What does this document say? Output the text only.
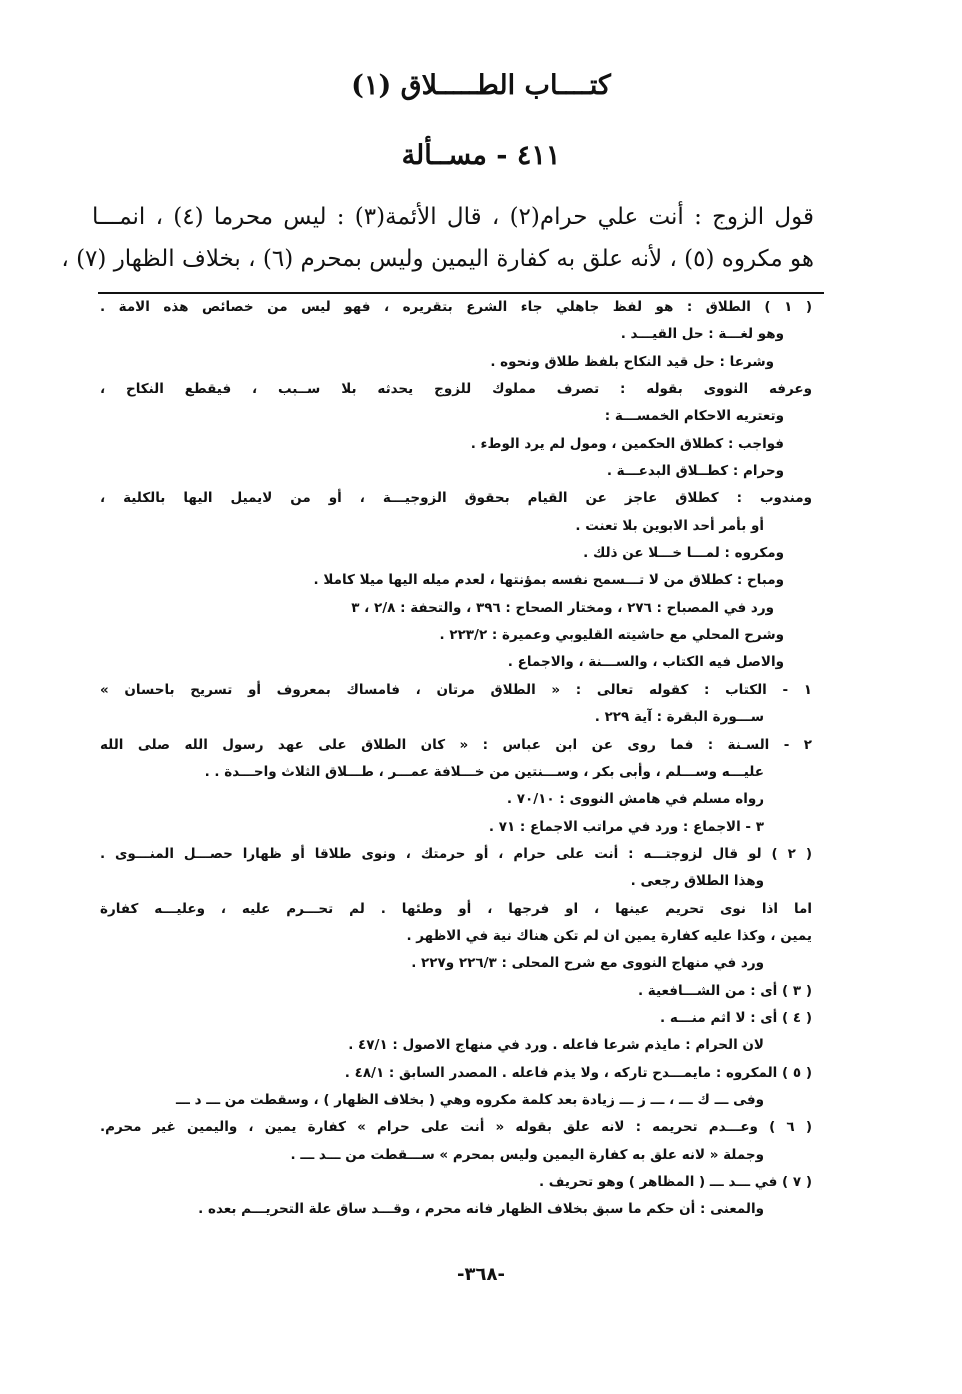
كتــــاب الطـــــلاق (١)
٤١١ - مســألة
قول الزوج : أنت علي حرام(٢) ، قال الأئمة(٣) : ليس محرما (٤) ، انمـــا
هو مكروه (٥) ، لأنه علق به كفارة اليمين وليس بمحرم (٦) ، بخلاف الظهار (٧) ،
( ١ ) الطلاق : هو لفظ جاهلي جاء الشرع بتقريره ، فهو ليس من خصائص هذه الامة .
وهو لغـــة : حل القيـــد .
وشرعا : حل قيد النكاح بلفظ طلاق ونحوه .
وعرفه النووى بقوله : تصرف مملوك للزوج يحدثه بلا ســبب ، فيقطع النكاح ،
وتعتريه الاحكام الخمســـة :
فواجب : كطلاق الحكمين ، ومول لم يرد الوطء .
وحرام : كطــلاق البدعـــة .
ومندوب : كطلاق عاجز عن القيام بحقوق الزوجيـــة ، أو من لايميل اليها بالكلية ،
أو بأمر أحد الابوين بلا تعنت .
ومكروه : لمـــا خـــلا عن ذلك .
ومباح : كطلاق من لا تـــسمح نفسه بمؤنتها ، لعدم ميله اليها ميلا كاملا .
ورد في المصباح : ٢٧٦ ، ومختار الصحاح : ٣٩٦ ، والتحفة : ٢/٨ ، ٣
وشرح المحلي مع حاشيته القليوبي وعميرة : ٢٢٣/٢ .
والاصل فيه الكتاب ، والســـنة ، والاجماع .
١ - الكتاب : كقوله تعالى : « الطلاق مرتان ، فامساك بمعروف أو تسريح باحسان »
ســـورة البقرة : آية ٢٢٩ .
٢ - السـنة : فما روى عن ابن عباس : « كان الطلاق على عهد رسول الله صلى الله
عليـــه وســـلم ، وأبى بكر ، وســـنتين من خـــلافة عمـــر ، طـــلاق الثلاث واحـــدة . .
رواه مسلم في هامش النووى : ٧٠/١٠ .
٣ - الاجماع : ورد في مراتب الاجماع : ٧١ .
( ٢ ) لو قال لزوجتـــه : أنت على حرام ، أو حرمتك ، ونوى طلاقا أو ظهارا حصـــل المنـــوى .
وهذا الطلاق رجعى .
اما اذا نوى تحريم عينها ، او فرجها ، أو وطئها . لم تحـــرم عليه ، وعليـــه كفارة
يمين ، وكذا عليه كفارة يمين ان لم تكن هناك نية في الاظهر .
ورد في منهاج النووى مع شرح المحلى : ٢٢٦/٣ و٢٢٧ .
( ٣ ) أى : من الشـــافعية .
( ٤ ) أى : لا اثم منـــه .
لان الحرام : مايذم شرعا فاعله . ورد في منهاج الاصول : ٤٧/١ .
( ٥ ) المكروه : مايمـــدح تاركه ، ولا يذم فاعله . المصدر السابق : ٤٨/١ .
وفى ـــ ك ـــ ، ـــ ز ـــ زيادة بعد كلمة مكروه وهي ( بخلاف الظهار ) ، وسقطت من ـــ د ـــ
( ٦ ) وعـــدم تحريمه : لانه علق بقوله « أنت على حرام » كفارة يمين ، واليمين غير محرم.
وجملة « لانه علق به كفارة اليمين وليس بمحرم » ســـقطت من ـــد ـــ .
( ٧ ) في ـــد ـــ ( المظاهر ) وهو تحريف .
والمعنى : أن حكم ما سبق بخلاف الظهار فانه محرم ، وقـــد ساق علة التحريـــم بعده .
-٣٦٨-
